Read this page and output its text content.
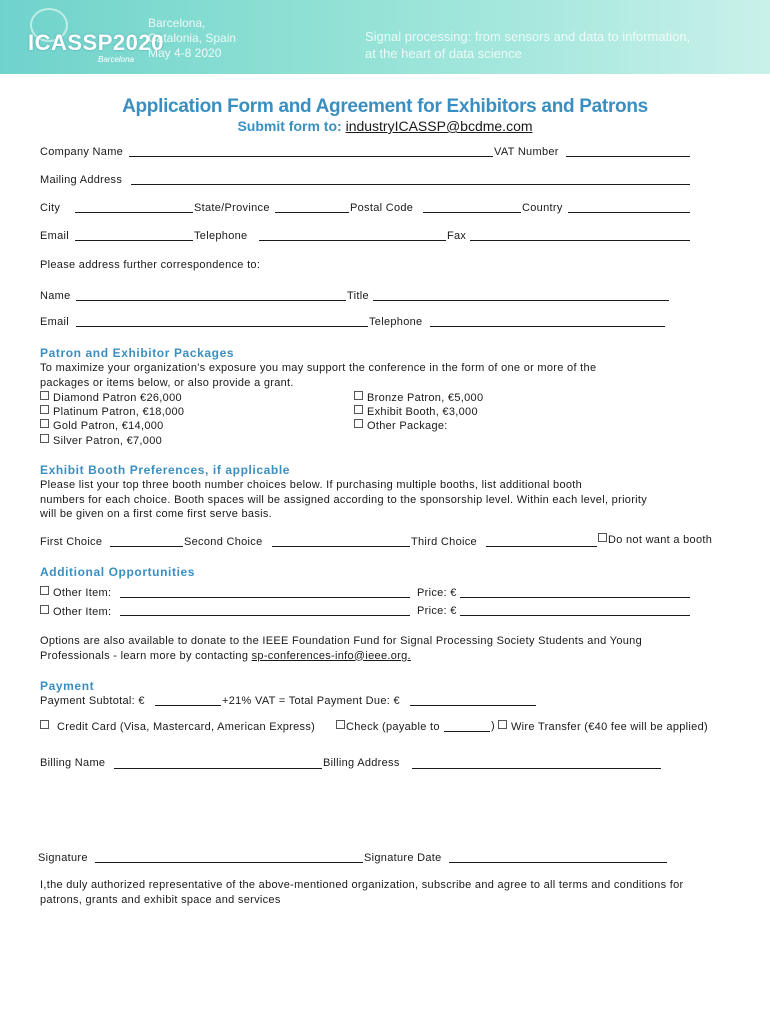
ICASSP2020
Barcelona
Barcelona,
Catalonia, Spain
May 4-8 2020
Signal processing: from sensors and data to information,
at the heart of data science
Application Form and Agreement for Exhibitors and Patrons
Submit form to: industryICASSP@bcdme.com
Company Name	VAT Number
Mailing Address
City	State/Province	Postal Code	Country
Email	Telephone	Fax
Please address further correspondence to:
Name	Title
Email	Telephone
Patron and Exhibitor Packages
To maximize your organization's exposure you may support the conference in the form of one or more of the
packages or items below, or also provide a grant.
Diamond Patron €26,000
Platinum Patron, €18,000
Gold Patron, €14,000
Silver Patron, €7,000
Bronze Patron, €5,000
Exhibit Booth, €3,000
Other Package:
Exhibit Booth Preferences, if applicable
Please list your top three booth number choices below. If purchasing multiple booths, list additional booth
numbers for each choice. Booth spaces will be assigned according to the sponsorship level. Within each level, priority
will be given on a first come first serve basis.
First Choice	Second Choice	Third Choice	Do not want a booth
Additional Opportunities
Other Item:	Price: €
Other Item:	Price: €
Options are also available to donate to the IEEE Foundation Fund for Signal Processing Society Students and Young
Professionals - learn more by contacting sp-conferences-info@ieee.org.
Payment
Payment Subtotal: €	+21% VAT = Total Payment Due: €
Credit Card (Visa, Mastercard, American Express)	Check (payable to	)	Wire Transfer (€40 fee will be applied)
Billing Name	Billing Address
Signature	Signature Date
I,the duly authorized representative of the above-mentioned organization, subscribe and agree to all terms and conditions for
patrons, grants and exhibit space and services
